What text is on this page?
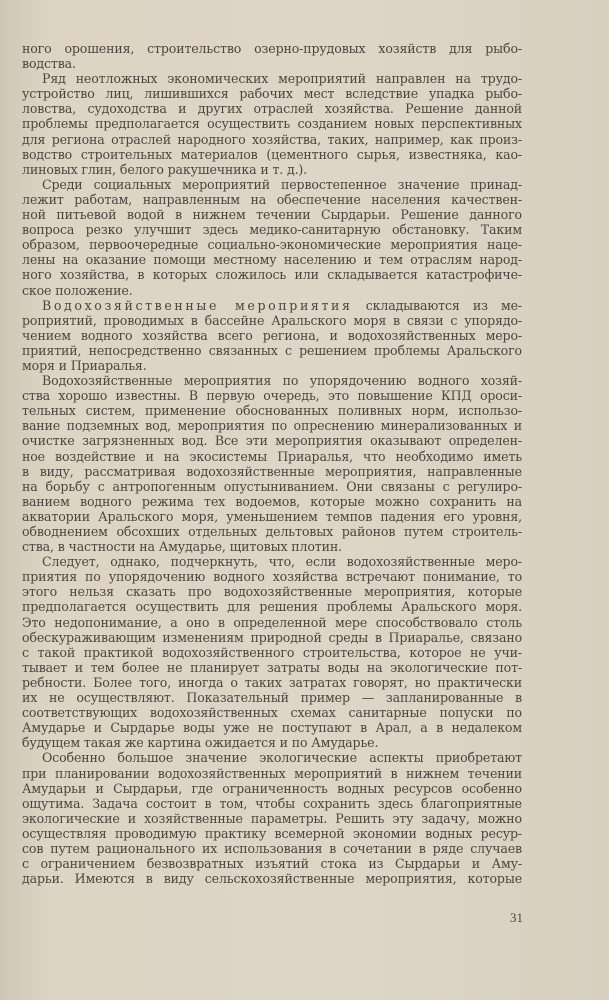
ного орошения, строительство озерно-прудовых хозяйств для рыбо-
водства.
Ряд неотложных экономических мероприятий направлен на трудо-
устройство лиц, лишившихся рабочих мест вследствие упадка рыбо-
ловства, судоходства и других отраслей хозяйства. Решение данной
проблемы предполагается осуществить созданием новых перспективных
для региона отраслей народного хозяйства, таких, например, как произ-
водство строительных материалов (цементного сырья, известняка, као-
линовых глин, белого ракушечника и т. д.).
Среди социальных мероприятий первостепенное значение принад-
лежит работам, направленным на обеспечение населения качествен-
ной питьевой водой в нижнем течении Сырдарьи. Решение данного
вопроса резко улучшит здесь медико-санитарную обстановку. Таким
образом, первоочередные социально-экономические мероприятия наце-
лены на оказание помощи местному населению и тем отраслям народ-
ного хозяйства, в которых сложилось или складывается катастрофиче-
ское положение.
Водохозяйственные мероприятия складываются из ме-
роприятий, проводимых в бассейне Аральского моря в связи с упорядо-
чением водного хозяйства всего региона, и водохозяйственных меро-
приятий, непосредственно связанных с решением проблемы Аральского
моря и Приаралья.
Водохозяйственные мероприятия по упорядочению водного хозяй-
ства хорошо известны. В первую очередь, это повышение КПД ороси-
тельных систем, применение обоснованных поливных норм, использо-
вание подземных вод, мероприятия по опреснению минерализованных и
очистке загрязненных вод. Все эти мероприятия оказывают определен-
ное воздействие и на экосистемы Приаралья, что необходимо иметь
в виду, рассматривая водохозяйственные мероприятия, направленные
на борьбу с антропогенным опустыниванием. Они связаны с регулиро-
ванием водного режима тех водоемов, которые можно сохранить на
акватории Аральского моря, уменьшением темпов падения его уровня,
обводнением обсохших отдельных дельтовых районов путем строитель-
ства, в частности на Амударье, щитовых плотин.
Следует, однако, подчеркнуть, что, если водохозяйственные меро-
приятия по упорядочению водного хозяйства встречают понимание, то
этого нельзя сказать про водохозяйственные мероприятия, которые
предполагается осуществить для решения проблемы Аральского моря.
Это недопонимание, а оно в определенной мере способствовало столь
обескураживающим изменениям природной среды в Приаралье, связано
с такой практикой водохозяйственного строительства, которое не учи-
тывает и тем более не планирует затраты воды на экологические пот-
ребности. Более того, иногда о таких затратах говорят, но практически
их не осуществляют. Показательный пример — запланированные в
соответствующих водохозяйственных схемах санитарные попуски по
Амударье и Сырдарье воды уже не поступают в Арал, а в недалеком
будущем такая же картина ожидается и по Амударье.
Особенно большое значение экологические аспекты приобретают
при планировании водохозяйственных мероприятий в нижнем течении
Амударьи и Сырдарьи, где ограниченность водных ресурсов особенно
ощутима. Задача состоит в том, чтобы сохранить здесь благоприятные
экологические и хозяйственные параметры. Решить эту задачу, можно
осуществляя проводимую практику всемерной экономии водных ресур-
сов путем рационального их использования в сочетании в ряде случаев
с ограничением безвозвратных изъятий стока из Сырдарьи и Аму-
дарьи. Имеются в виду сельскохозяйственные мероприятия, которые
31
